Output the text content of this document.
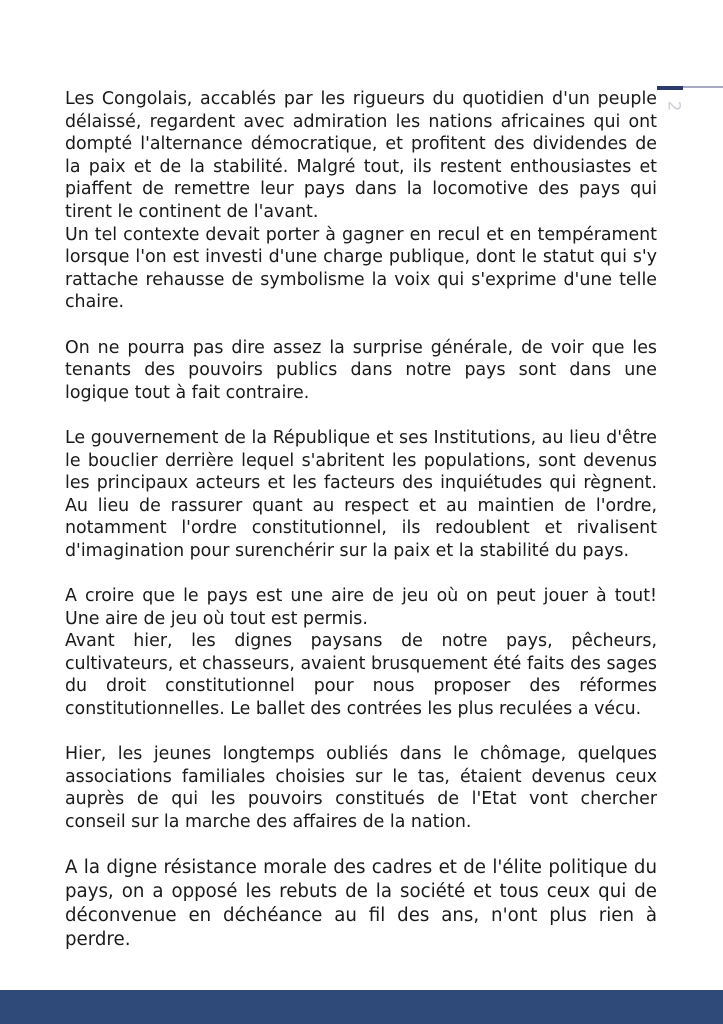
2

Les Congolais, accablés par les rigueurs du quotidien d'un peuple délaissé, regardent avec admiration les nations africaines qui ont dompté l'alternance démocratique, et profitent des dividendes de la paix et de la stabilité. Malgré tout, ils restent enthousiastes et piaffent de remettre leur pays dans la locomotive des pays qui tirent le continent de l'avant.

Un tel contexte devait porter à gagner en recul et en tempérament lorsque l'on est investi d'une charge publique, dont le statut qui s'y rattache rehausse de symbolisme la voix qui s'exprime d'une telle chaire.

On ne pourra pas dire assez la surprise générale, de voir que les tenants des pouvoirs publics dans notre pays sont dans une logique tout à fait contraire.

Le gouvernement de la République et ses Institutions, au lieu d'être le bouclier derrière lequel s'abritent les populations, sont devenus les principaux acteurs et les facteurs des inquiétudes qui règnent. Au lieu de rassurer quant au respect et au maintien de l'ordre, notamment l'ordre constitutionnel, ils redoublent et rivalisent d'imagination pour surenchérir sur la paix et la stabilité du pays.

A croire que le pays est une aire de jeu où on peut jouer à tout! Une aire de jeu où tout est permis.

Avant hier, les dignes paysans de notre pays, pêcheurs, cultivateurs, et chasseurs, avaient brusquement été faits des sages du droit constitutionnel pour nous proposer des réformes constitutionnelles. Le ballet des contrées les plus reculées a vécu.

Hier, les jeunes longtemps oubliés dans le chômage, quelques associations familiales choisies sur le tas, étaient devenus ceux auprès de qui les pouvoirs constitués de l'Etat vont chercher conseil sur la marche des affaires de la nation.

A la digne résistance morale des cadres et de l'élite politique du pays, on a opposé les rebuts de la société et tous ceux qui de déconvenue en déchéance au fil des ans, n'ont plus rien à perdre.
